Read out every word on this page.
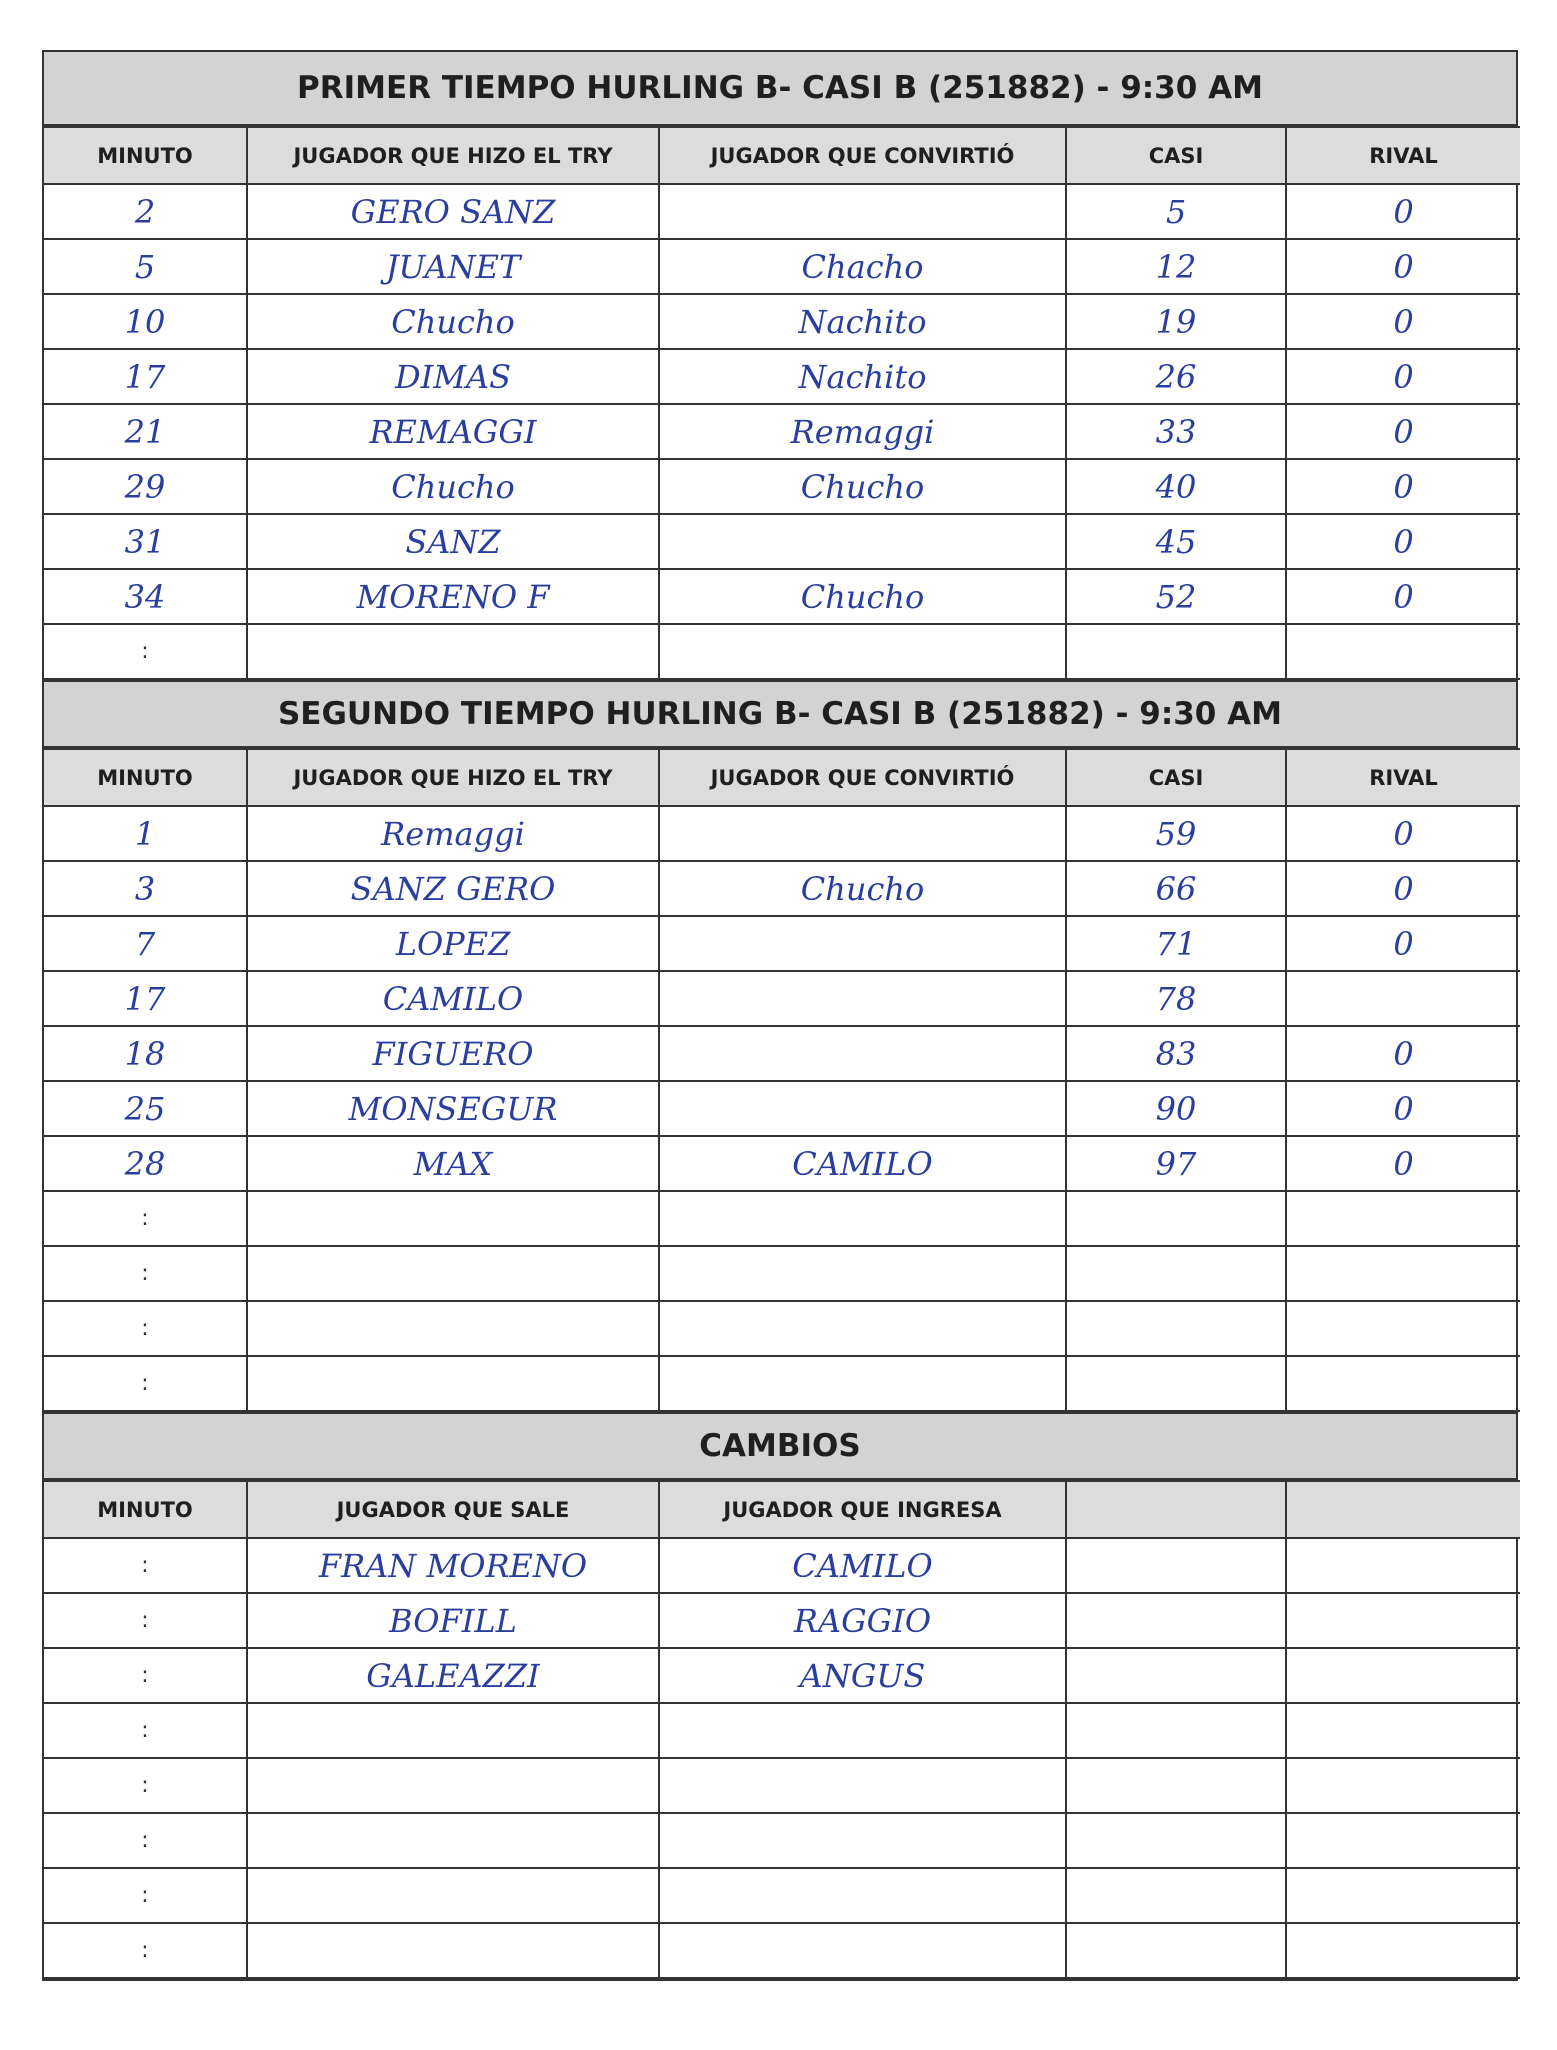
PRIMER TIEMPO HURLING B- CASI B (251882) - 9:30 AM
MINUTO	JUGADOR QUE HIZO EL TRY	JUGADOR QUE CONVIRTIÓ	CASI	RIVAL
2	GERO SANZ		5	0
5	JUANET	Chacho	12	0
10	Chucho	Nachito	19	0
17	DIMAS	Nachito	26	0
21	REMAGGI	Remaggi	33	0
29	Chucho	Chucho	40	0
31	SANZ		45	0
34	MORENO F	Chucho	52	0
:				
SEGUNDO TIEMPO HURLING B- CASI B (251882) - 9:30 AM
MINUTO	JUGADOR QUE HIZO EL TRY	JUGADOR QUE CONVIRTIÓ	CASI	RIVAL
1	Remaggi		59	0
3	SANZ GERO	Chucho	66	0
7	LOPEZ		71	0
17	CAMILO		78	
18	FIGUERO		83	0
25	MONSEGUR		90	0
28	MAX	CAMILO	97	0
:				
:				
:				
:				
CAMBIOS
MINUTO	JUGADOR QUE SALE	JUGADOR QUE INGRESA		
:	FRAN MORENO	CAMILO		
:	BOFILL	RAGGIO		
:	GALEAZZI	ANGUS		
:				
:				
:				
:				
:				
